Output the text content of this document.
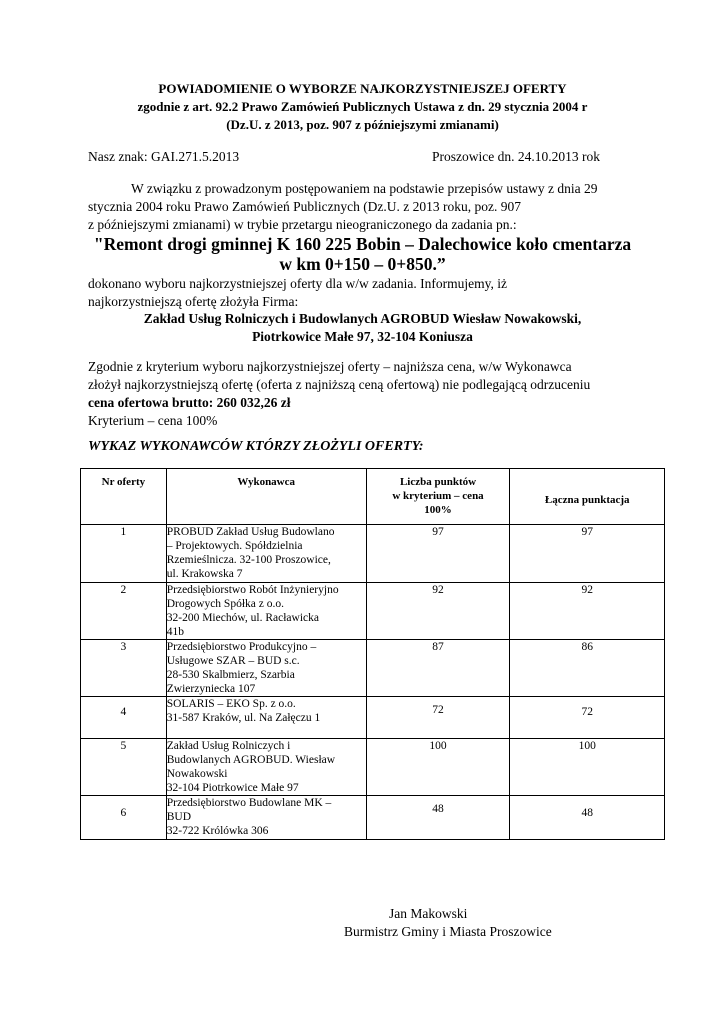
POWIADOMIENIE O WYBORZE NAJKORZYSTNIEJSZEJ OFERTY
zgodnie z art. 92.2 Prawo Zamówień Publicznych Ustawa z dn. 29 stycznia 2004 r
(Dz.U. z 2013, poz. 907 z późniejszymi zmianami)
Nasz znak: GAI.271.5.2013	Proszowice dn. 24.10.2013 rok
W związku z prowadzonym postępowaniem na podstawie przepisów ustawy z dnia 29
stycznia 2004 roku Prawo Zamówień Publicznych (Dz.U. z 2013 roku, poz. 907
z późniejszymi zmianami) w trybie przetargu nieograniczonego da zadania pn.:
"Remont drogi gminnej K 160 225 Bobin – Dalechowice koło cmentarza
w km 0+150 – 0+850.”
dokonano wyboru najkorzystniejszej oferty dla w/w zadania. Informujemy, iż
najkorzystniejszą ofertę złożyła Firma:
Zakład Usług Rolniczych i Budowlanych AGROBUD Wiesław Nowakowski,
Piotrkowice Małe 97, 32-104 Koniusza
Zgodnie z kryterium wyboru najkorzystniejszej oferty – najniższa cena, w/w Wykonawca
złożył najkorzystniejszą ofertę (oferta z najniższą ceną ofertową) nie podlegającą odrzuceniu
cena ofertowa brutto: 260 032,26 zł
Kryterium – cena 100%
WYKAZ WYKONAWCÓW KTÓRZY ZŁOŻYLI OFERTY:
Nr oferty	Wykonawca	Liczba punktów
w kryterium – cena
100%	Łączna punktacja
1	PROBUD Zakład Usług Budowlano
– Projektowych. Spółdzielnia
Rzemieślnicza. 32-100 Proszowice,
ul. Krakowska 7	97	97
2	Przedsiębiorstwo Robót Inżynieryjno
Drogowych Spółka z o.o.
32-200 Miechów, ul. Racławicka
41b	92	92
3	Przedsiębiorstwo Produkcyjno –
Usługowe SZAR – BUD s.c.
28-530 Skalbmierz, Szarbia
Zwierzyniecka 107	87	86
4	SOLARIS – EKO Sp. z o.o.
31-587 Kraków, ul. Na Załęczu 1	72	72
5	Zakład Usług Rolniczych i
Budowlanych AGROBUD. Wiesław
Nowakowski
32-104 Piotrkowice Małe 97	100	100
6	Przedsiębiorstwo Budowlane MK –
BUD
32-722 Królówka 306	48	48
Jan Makowski
Burmistrz Gminy i Miasta Proszowice
